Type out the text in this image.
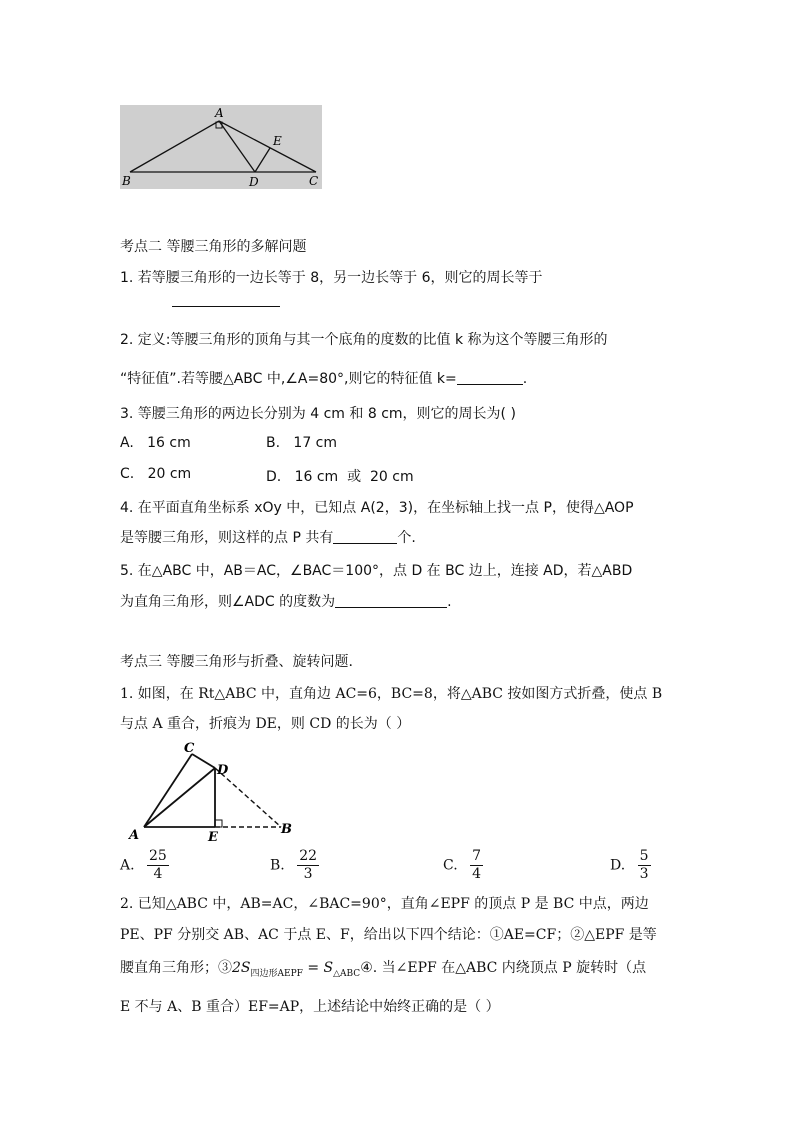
A
B	C
D
E
考点二 等腰三角形的多解问题
1. 若等腰三角形的一边长等于 8，另一边长等于 6，则它的周长等于
2. 定义:等腰三角形的顶角与其一个底角的度数的比值 k 称为这个等腰三角形的
“特征值”.若等腰△ABC 中,∠A=80°,则它的特征值 k=	.
3. 等腰三角形的两边长分别为 4 cm 和 8 cm，则它的周长为( )
A.   16 cm	B.   17 cm
C.   20 cm	D.   16 cm  或  20 cm
4. 在平面直角坐标系 xOy 中，已知点 A(2，3)，在坐标轴上找一点 P，使得△AOP
是等腰三角形，则这样的点 P 共有	个.
5. 在△ABC 中，AB＝AC，∠BAC＝100°，点 D 在 BC 边上，连接 AD，若△ABD
为直角三角形，则∠ADC 的度数为	.
考点三 等腰三角形与折叠、旋转问题.
1. 如图，在 Rt△ABC 中，直角边 AC=6，BC=8，将△ABC 按如图方式折叠，使点 B
与点 A 重合，折痕为 DE，则 CD 的长为（ ）
C
D
A	E
B
A. $\frac{25}{4}$	B. $\frac{22}{3}$	C. $\frac{7}{4}$	D. $\frac{5}{3}$
2. 已知△ABC 中，AB=AC，∠BAC=90°，直角∠EPF 的顶点 P 是 BC 中点，两边
PE、PF 分别交 AB、AC 于点 E、F，给出以下四个结论：①AE=CF；②△EPF 是等
腰直角三角形；$③2S_{四边形AEPF}$ = $S_{\triangle ABC}④$. 当∠EPF 在△ABC 内绕顶点 P 旋转时（点
E 不与 A、B 重合）EF=AP，上述结论中始终正确的是（ ）
